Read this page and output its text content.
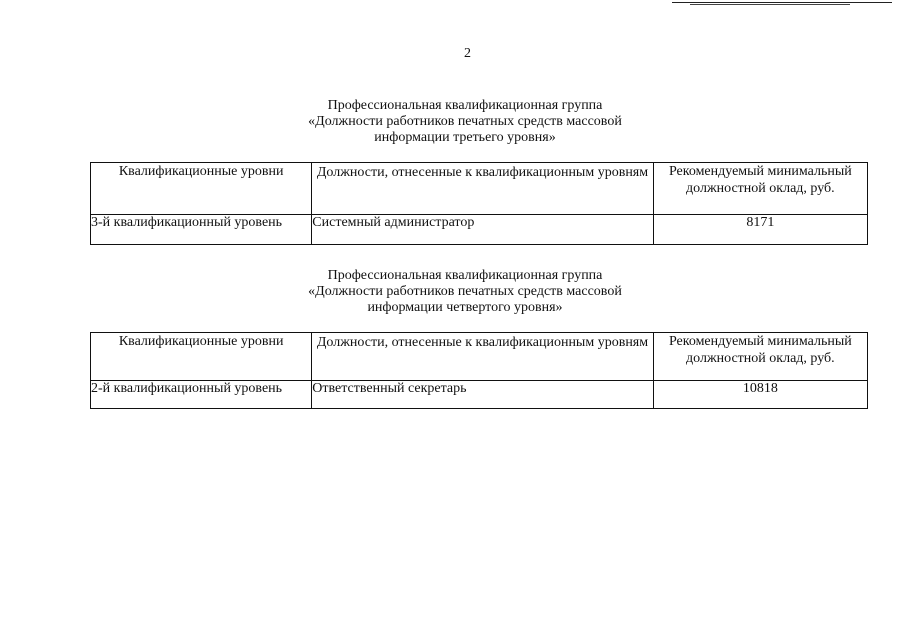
2
Профессиональная квалификационная группа
«Должности работников печатных средств массовой
информации третьего уровня»
Квалификационные уровни	Должности, отнесенные к квалификационным уровням	Рекомендуемый минимальный должностной оклад, руб.
3-й квалификационный уровень	Системный администратор	8171
Профессиональная квалификационная группа
«Должности работников печатных средств массовой
информации четвертого уровня»
Квалификационные уровни	Должности, отнесенные к квалификационным уровням	Рекомендуемый минимальный должностной оклад, руб.
2-й квалификационный уровень	Ответственный секретарь	10818
